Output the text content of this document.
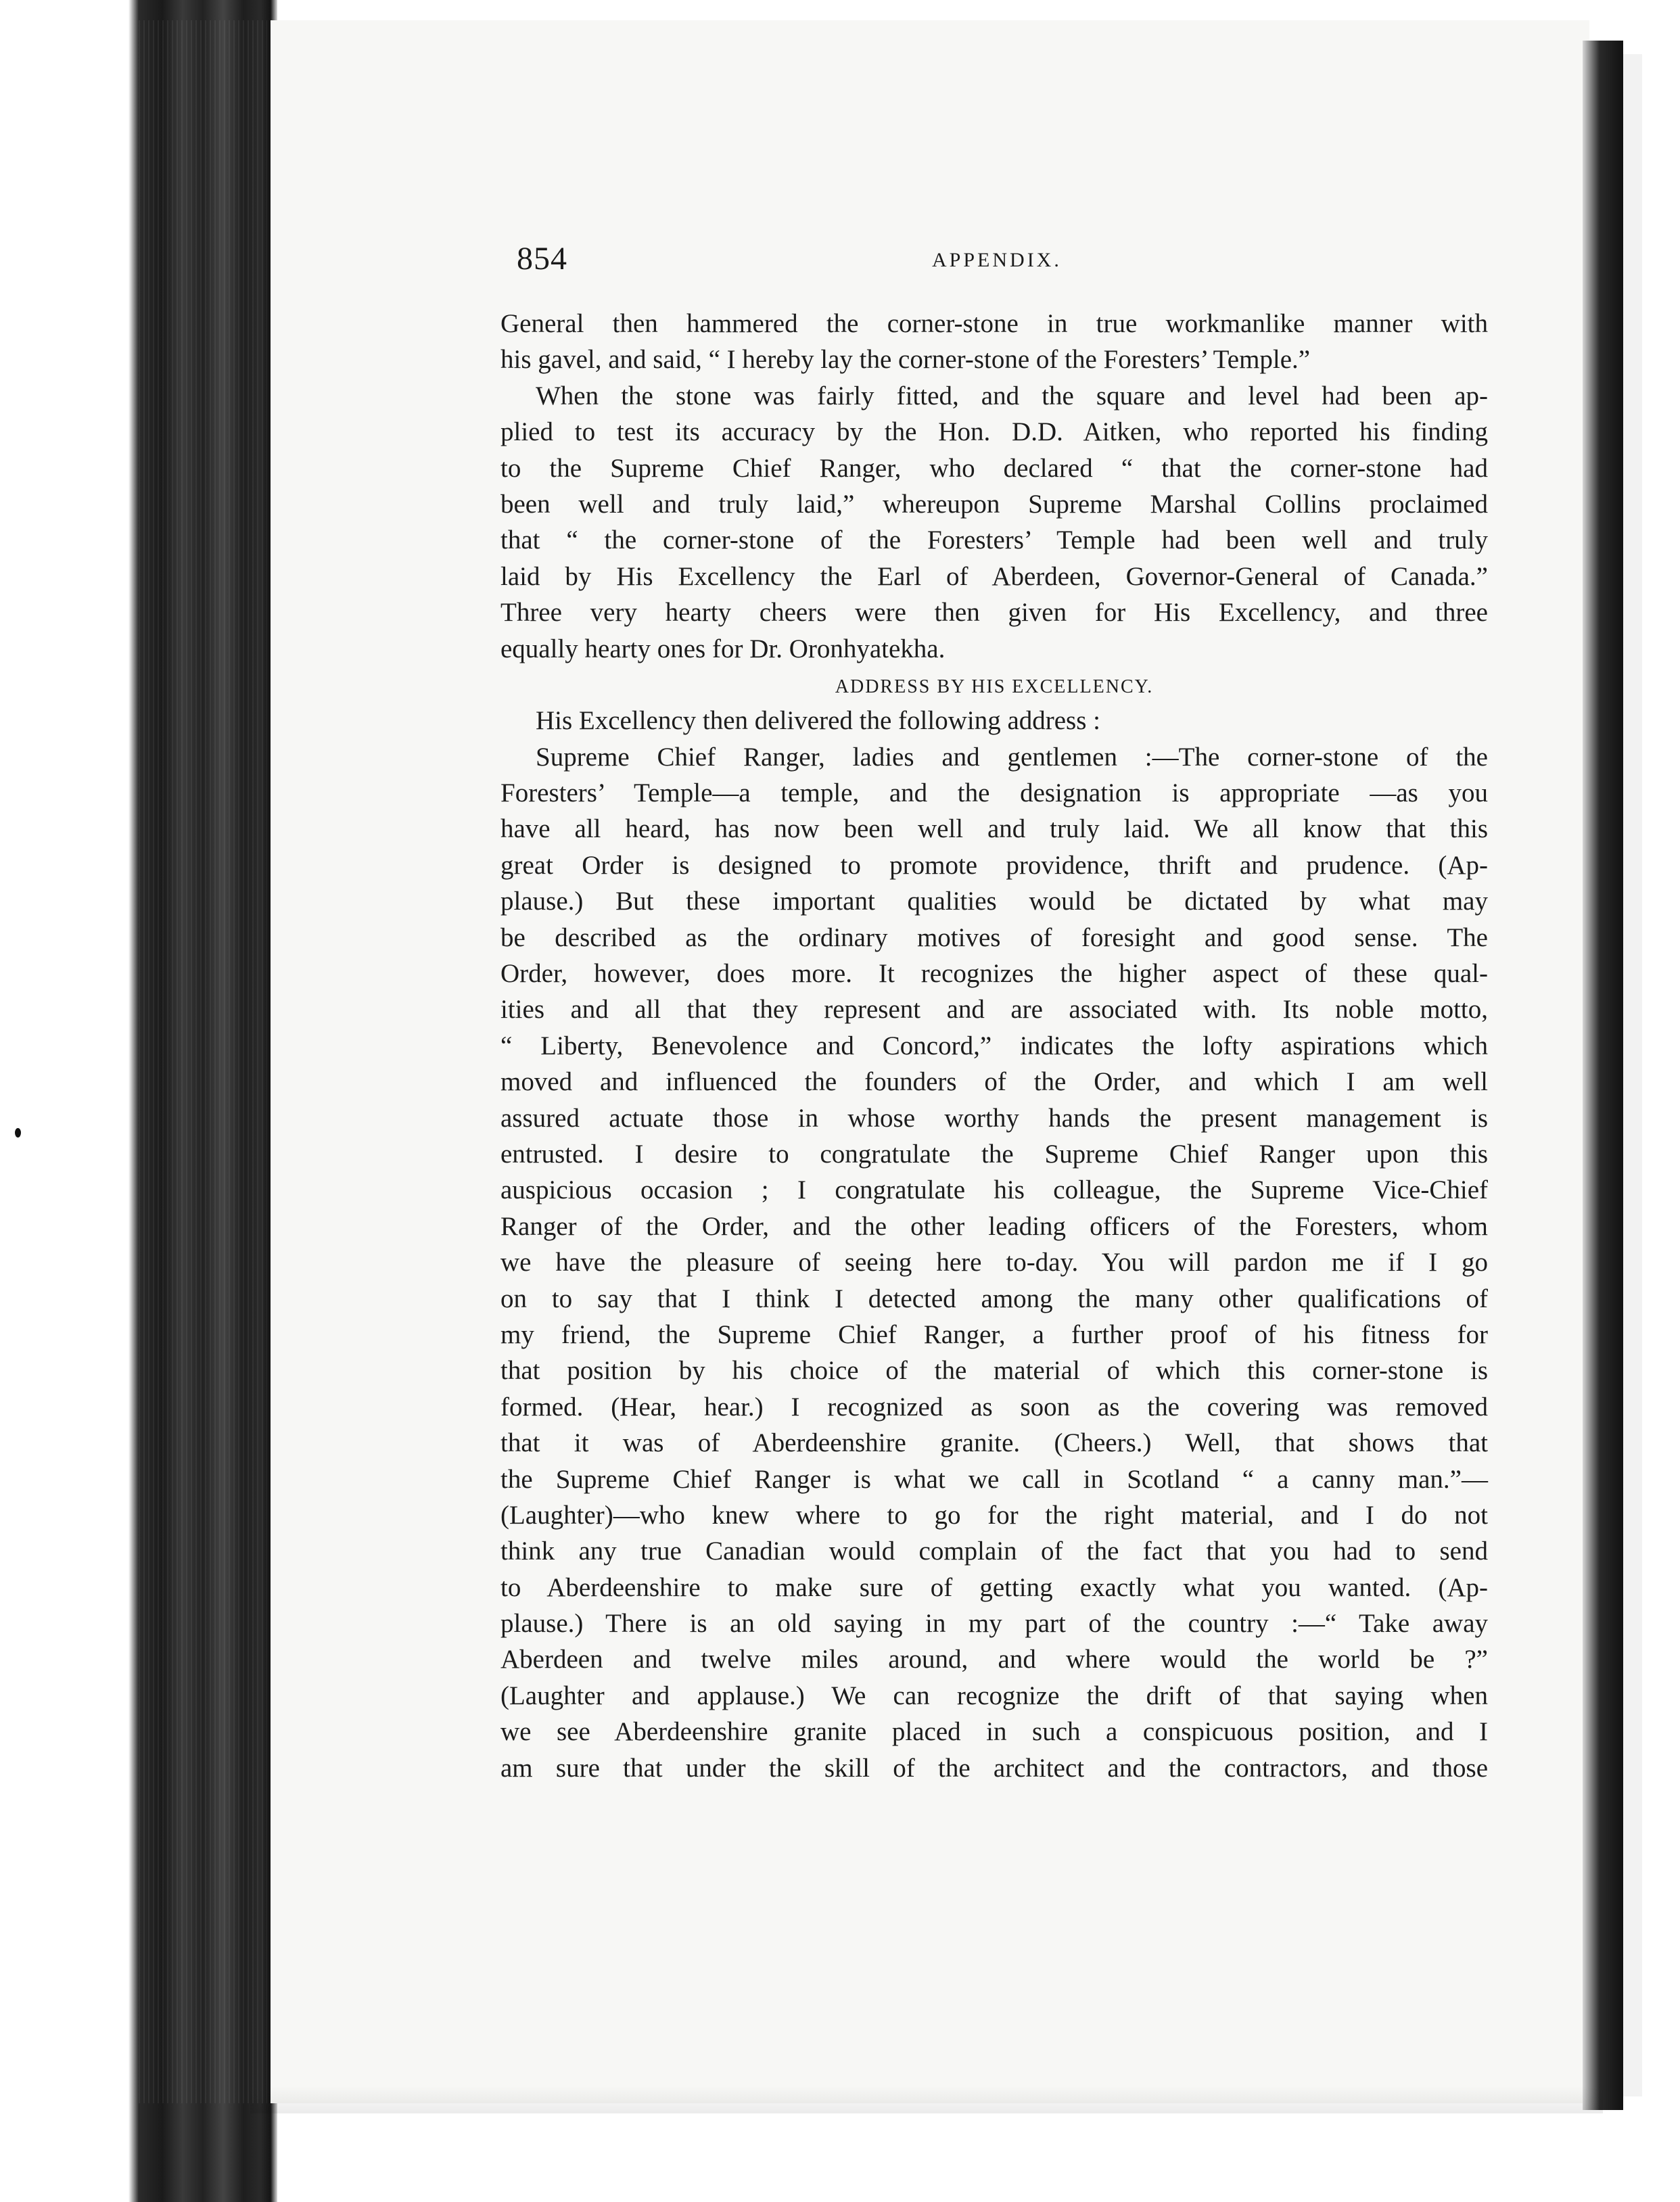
854	APPENDIX.
General then hammered the corner-stone in true workmanlike manner with
his gavel, and said, “ I hereby lay the corner-stone of the Foresters’ Temple.”
When the stone was fairly fitted, and the square and level had been ap-
plied to test its accuracy by the Hon. D.D. Aitken, who reported his finding
to the Supreme Chief Ranger, who declared “ that the corner-stone had
been well and truly laid,” whereupon Supreme Marshal Collins proclaimed
that “ the corner-stone of the Foresters’ Temple had been well and truly
laid by His Excellency the Earl of Aberdeen, Governor-General of Canada.”
Three very hearty cheers were then given for His Excellency, and three
equally hearty ones for Dr. Oronhyatekha.
ADDRESS BY HIS EXCELLENCY.
His Excellency then delivered the following address :
Supreme Chief Ranger, ladies and gentlemen :—The corner-stone of the
Foresters’ Temple—a temple, and the designation is appropriate —as you
have all heard, has now been well and truly laid. We all know that this
great Order is designed to promote providence, thrift and prudence. (Ap-
plause.) But these important qualities would be dictated by what may
be described as the ordinary motives of foresight and good sense. The
Order, however, does more. It recognizes the higher aspect of these qual-
ities and all that they represent and are associated with. Its noble motto,
“ Liberty, Benevolence and Concord,” indicates the lofty aspirations which
moved and influenced the founders of the Order, and which I am well
assured actuate those in whose worthy hands the present management is
entrusted. I desire to congratulate the Supreme Chief Ranger upon this
auspicious occasion ; I congratulate his colleague, the Supreme Vice-Chief
Ranger of the Order, and the other leading officers of the Foresters, whom
we have the pleasure of seeing here to-day. You will pardon me if I go
on to say that I think I detected among the many other qualifications of
my friend, the Supreme Chief Ranger, a further proof of his fitness for
that position by his choice of the material of which this corner-stone is
formed. (Hear, hear.) I recognized as soon as the covering was removed
that it was of Aberdeenshire granite. (Cheers.) Well, that shows that
the Supreme Chief Ranger is what we call in Scotland “ a canny man.”—
(Laughter)—who knew where to go for the right material, and I do not
think any true Canadian would complain of the fact that you had to send
to Aberdeenshire to make sure of getting exactly what you wanted. (Ap-
plause.) There is an old saying in my part of the country :—“ Take away
Aberdeen and twelve miles around, and where would the world be ?”
(Laughter and applause.) We can recognize the drift of that saying when
we see Aberdeenshire granite placed in such a conspicuous position, and I
am sure that under the skill of the architect and the contractors, and those
